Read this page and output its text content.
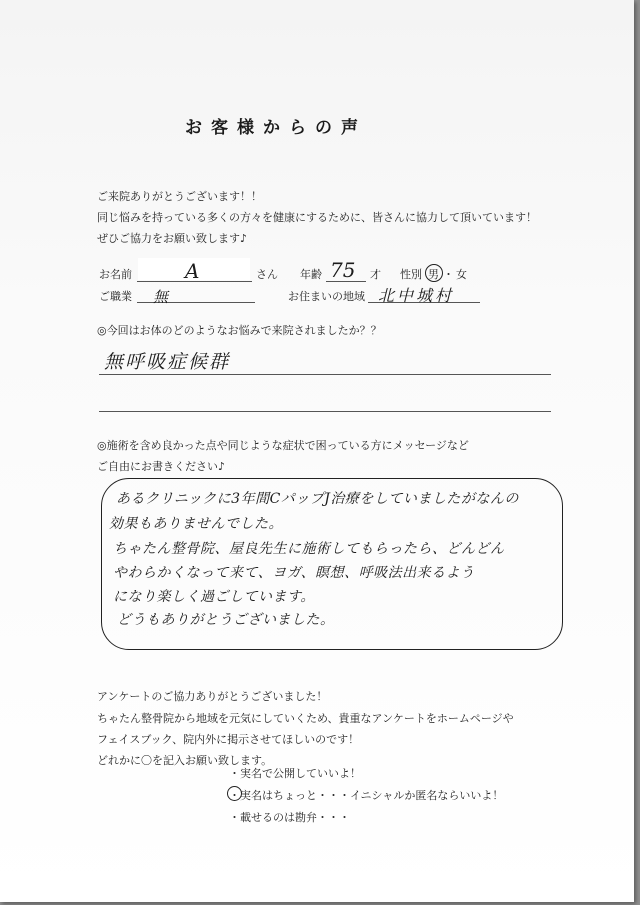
お客様からの声
ご来院ありがとうございます！！
同じ悩みを持っている多くの方々を健康にするために、皆さんに協力して頂いています！
ぜひご協力をお願い致します♪
お名前	A	さん 年齢 75 才 性別 男 ・ 女
ご職業 無	お住まいの地域 北中城村
◎今回はお体のどのようなお悩みで来院されましたか？？
無呼吸症候群
◎施術を含め良かった点や同じような症状で困っている方にメッセージなど
ご自由にお書きください♪
あるクリニックに3年間CパップJ治療をしていましたがなんの
効果もありませんでした。
ちゃたん整骨院、屋良先生に施術してもらったら、どんどん
やわらかくなって来て、ヨガ、瞑想、呼吸法出来るよう
になり楽しく過ごしています。
どうもありがとうございました。
アンケートのご協力ありがとうございました！
ちゃたん整骨院から地域を元気にしていくため、貴重なアンケートをホームページや
フェイスブック、院内外に掲示させてほしいのです！
どれかに〇を記入お願い致します。
・実名で公開していいよ！
・実名はちょっと・・・イニシャルか匿名ならいいよ！
・載せるのは勘弁・・・
